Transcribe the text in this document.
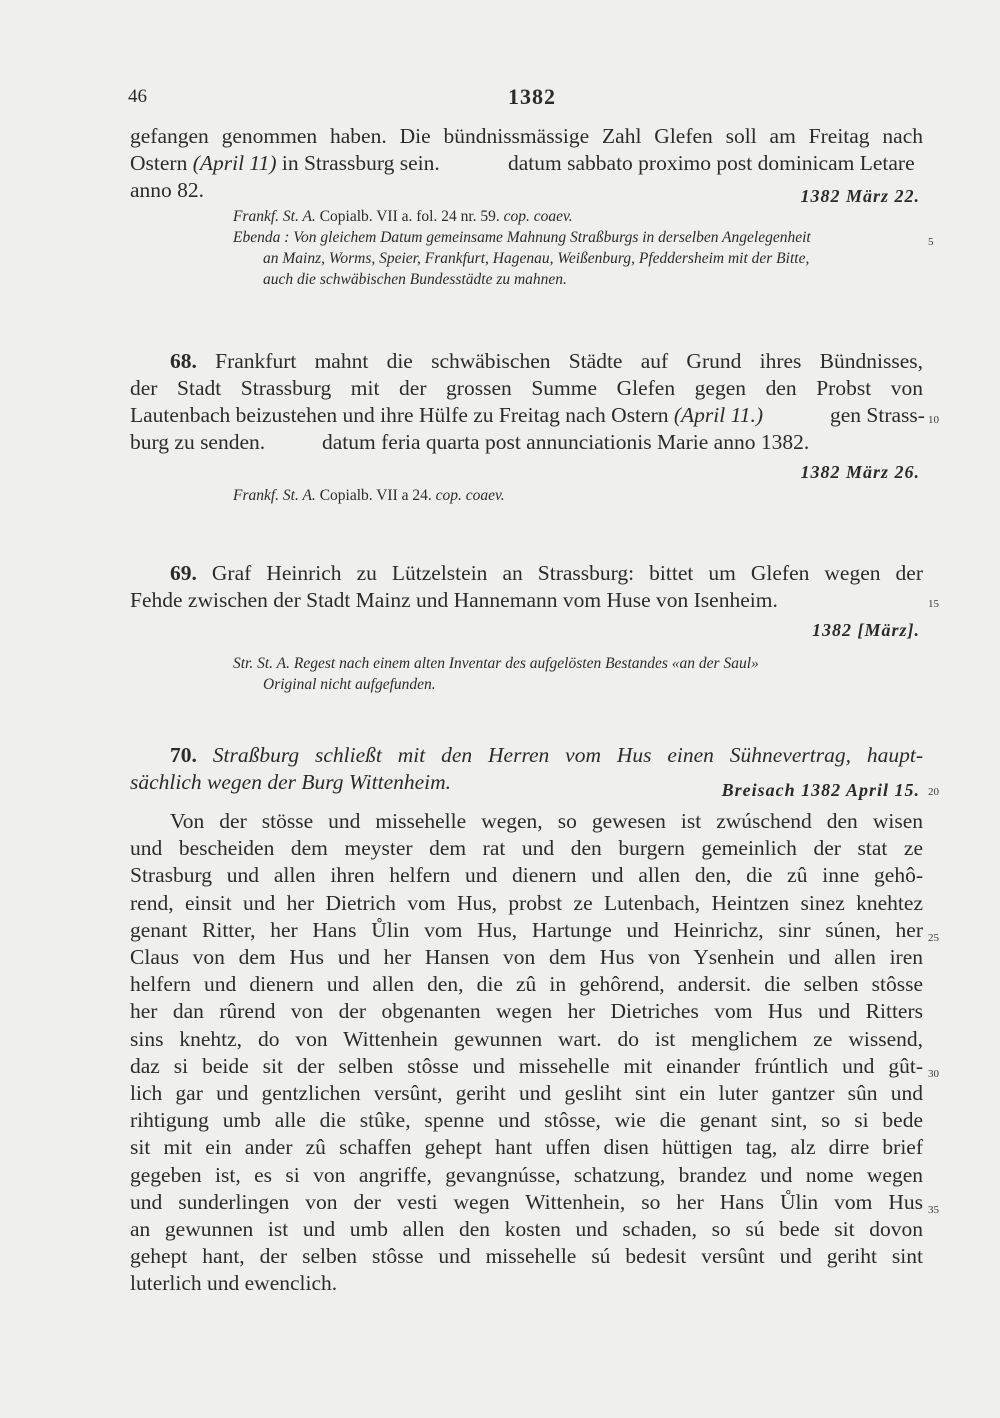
46	1382
gefangen genommen haben. Die bündnissmässige Zahl Glefen soll am Freitag nach
Ostern (April 11) in Strassburg sein.	datum sabbato proximo post dominicam Letare
anno 82.	1382 März 22.
Frankf. St. A. Copialb. VII a. fol. 24 nr. 59. cop. coaev.
Ebenda : Von gleichem Datum gemeinsame Mahnung Straßburgs in derselben Angelegenheit
an Mainz, Worms, Speier, Frankfurt, Hagenau, Weißenburg, Pfeddersheim mit der Bitte,
auch die schwäbischen Bundesstädte zu mahnen.
68. Frankfurt mahnt die schwäbischen Städte auf Grund ihres Bündnisses,
der Stadt Strassburg mit der grossen Summe Glefen gegen den Probst von
Lautenbach beizustehen und ihre Hülfe zu Freitag nach Ostern (April 11.)	gen Strass-
burg zu senden.	datum feria quarta post annunciationis Marie anno 1382.
1382 März 26.
Frankf. St. A. Copialb. VII a 24. cop. coaev.
69. Graf Heinrich zu Lützelstein an Strassburg: bittet um Glefen wegen der
Fehde zwischen der Stadt Mainz und Hannemann vom Huse von Isenheim.
1382 [März].
Str. St. A. Regest nach einem alten Inventar des aufgelösten Bestandes «an der Saul»
Original nicht aufgefunden.
70. Straßburg schließt mit den Herren vom Hus einen Sühnevertrag, haupt-
sächlich wegen der Burg Wittenheim.	Breisach 1382 April 15.
Von der stösse und missehelle wegen, so gewesen ist zwúschend den wisen
und bescheiden dem meyster dem rat und den burgern gemeinlich der stat ze
Strasburg und allen ihren helfern und dienern und allen den, die zû inne gehô-
rend, einsit und her Dietrich vom Hus, probst ze Lutenbach, Heintzen sinez knehtez
genant Ritter, her Hans Ůlin vom Hus, Hartunge und Heinrichz, sinr súnen, her
Claus von dem Hus und her Hansen von dem Hus von Ysenhein und allen iren
helfern und dienern und allen den, die zû in gehôrend, andersit. die selben stôsse
her dan rûrend von der obgenanten wegen her Dietriches vom Hus und Ritters
sins knehtz, do von Wittenhein gewunnen wart. do ist menglichem ze wissend,
daz si beide sit der selben stôsse und missehelle mit einander frúntlich und gût-
lich gar und gentzlichen versûnt, geriht und gesliht sint ein luter gantzer sûn und
rihtigung umb alle die stûke, spenne und stôsse, wie die genant sint, so si bede
sit mit ein ander zû schaffen gehept hant uffen disen hüttigen tag, alz dirre brief
gegeben ist, es si von angriffe, gevangnússe, schatzung, brandez und nome wegen
und sunderlingen von der vesti wegen Wittenhein, so her Hans Ůlin vom Hus
an gewunnen ist und umb allen den kosten und schaden, so sú bede sit dovon
gehept hant, der selben stôsse und missehelle sú bedesit versûnt und geriht sint
luterlich und ewenclich.
5
10
15
20
25
30
35
